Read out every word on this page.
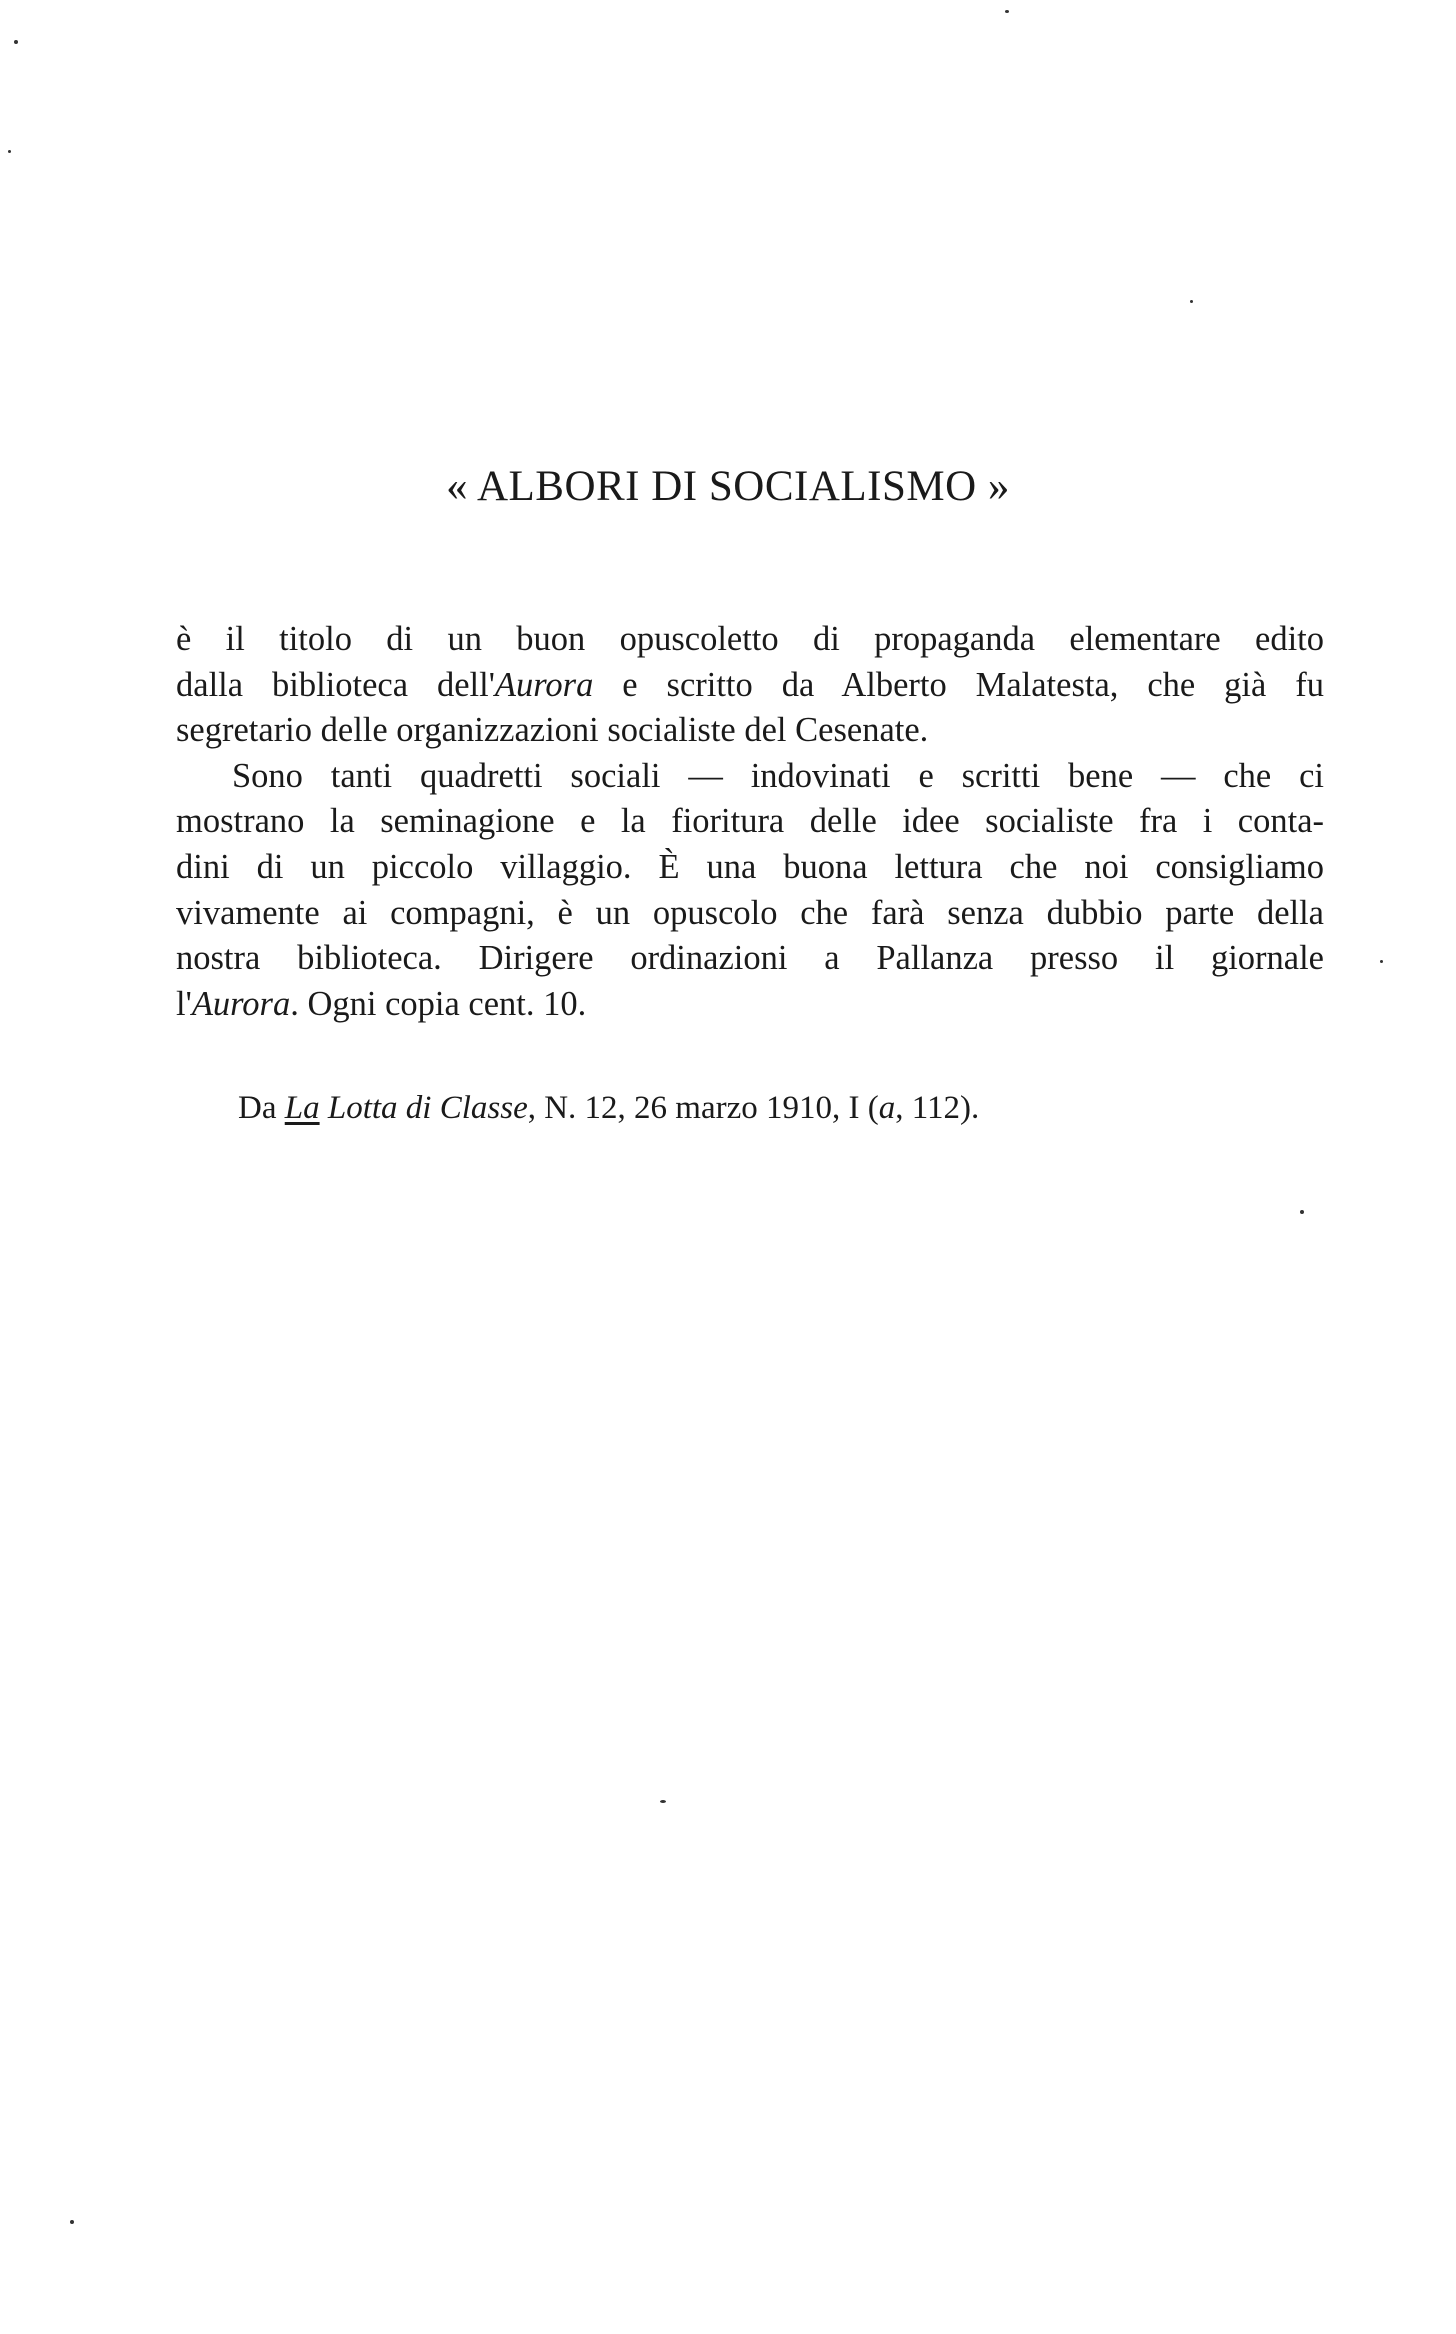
« ALBORI DI SOCIALISMO »

è il titolo di un buon opuscoletto di propaganda elementare edito
dalla biblioteca dell'Aurora e scritto da Alberto Malatesta, che già fu
segretario delle organizzazioni socialiste del Cesenate.

Sono tanti quadretti sociali — indovinati e scritti bene — che ci
mostrano la seminagione e la fioritura delle idee socialiste fra i conta-
dini di un piccolo villaggio. È una buona lettura che noi consigliamo
vivamente ai compagni, è un opuscolo che farà senza dubbio parte della
nostra biblioteca. Dirigere ordinazioni a Pallanza presso il giornale
l'Aurora. Ogni copia cent. 10.

Da La Lotta di Classe, N. 12, 26 marzo 1910, I (a, 112).
